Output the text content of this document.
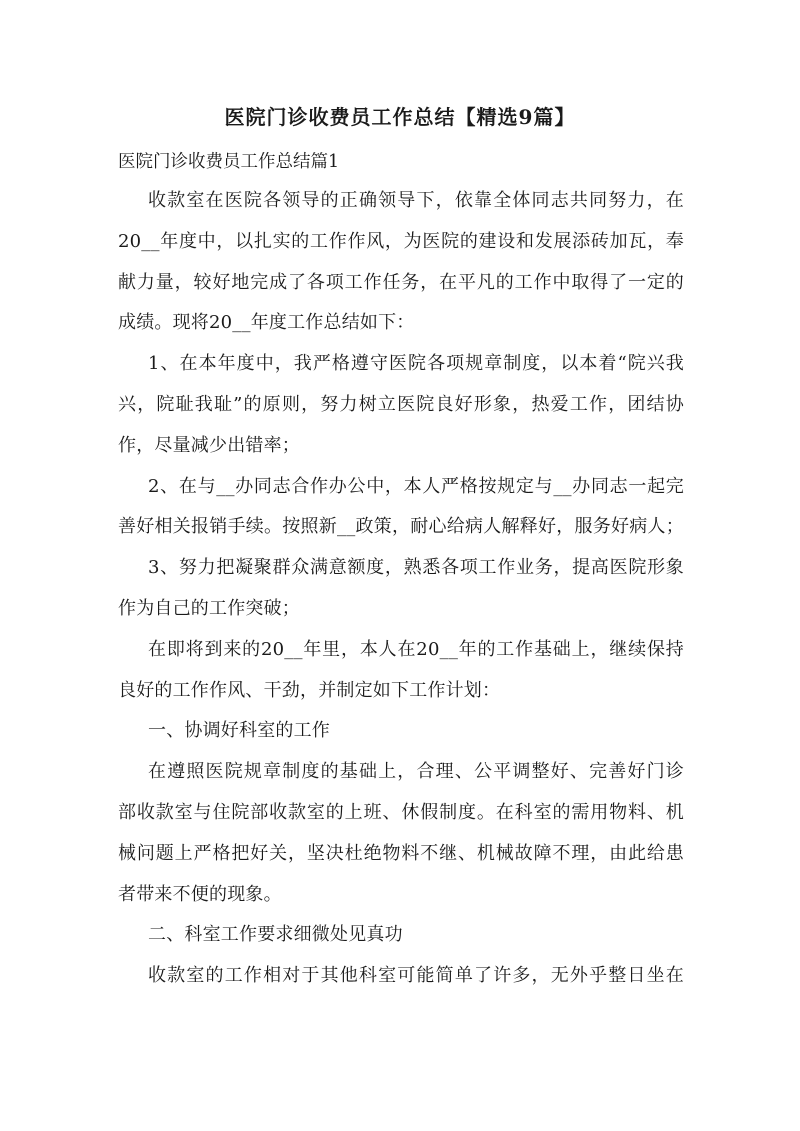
医院门诊收费员工作总结【精选9篇】
医院门诊收费员工作总结篇1
收款室在医院各领导的正确领导下，依靠全体同志共同努力，在
20__年度中，以扎实的工作作风，为医院的建设和发展添砖加瓦，奉
献力量，较好地完成了各项工作任务，在平凡的工作中取得了一定的
成绩。现将20__年度工作总结如下：
1、在本年度中，我严格遵守医院各项规章制度，以本着“院兴我
兴，院耻我耻”的原则，努力树立医院良好形象，热爱工作，团结协
作，尽量减少出错率；
2、在与__办同志合作办公中，本人严格按规定与__办同志一起完
善好相关报销手续。按照新__政策，耐心给病人解释好，服务好病人；
3、努力把凝聚群众满意额度，熟悉各项工作业务，提高医院形象
作为自己的工作突破；
在即将到来的20__年里，本人在20__年的工作基础上，继续保持
良好的工作作风、干劲，并制定如下工作计划：
一、协调好科室的工作
在遵照医院规章制度的基础上，合理、公平调整好、完善好门诊
部收款室与住院部收款室的上班、休假制度。在科室的需用物料、机
械问题上严格把好关，坚决杜绝物料不继、机械故障不理，由此给患
者带来不便的现象。
二、科室工作要求细微处见真功
收款室的工作相对于其他科室可能简单了许多，无外乎整日坐在
